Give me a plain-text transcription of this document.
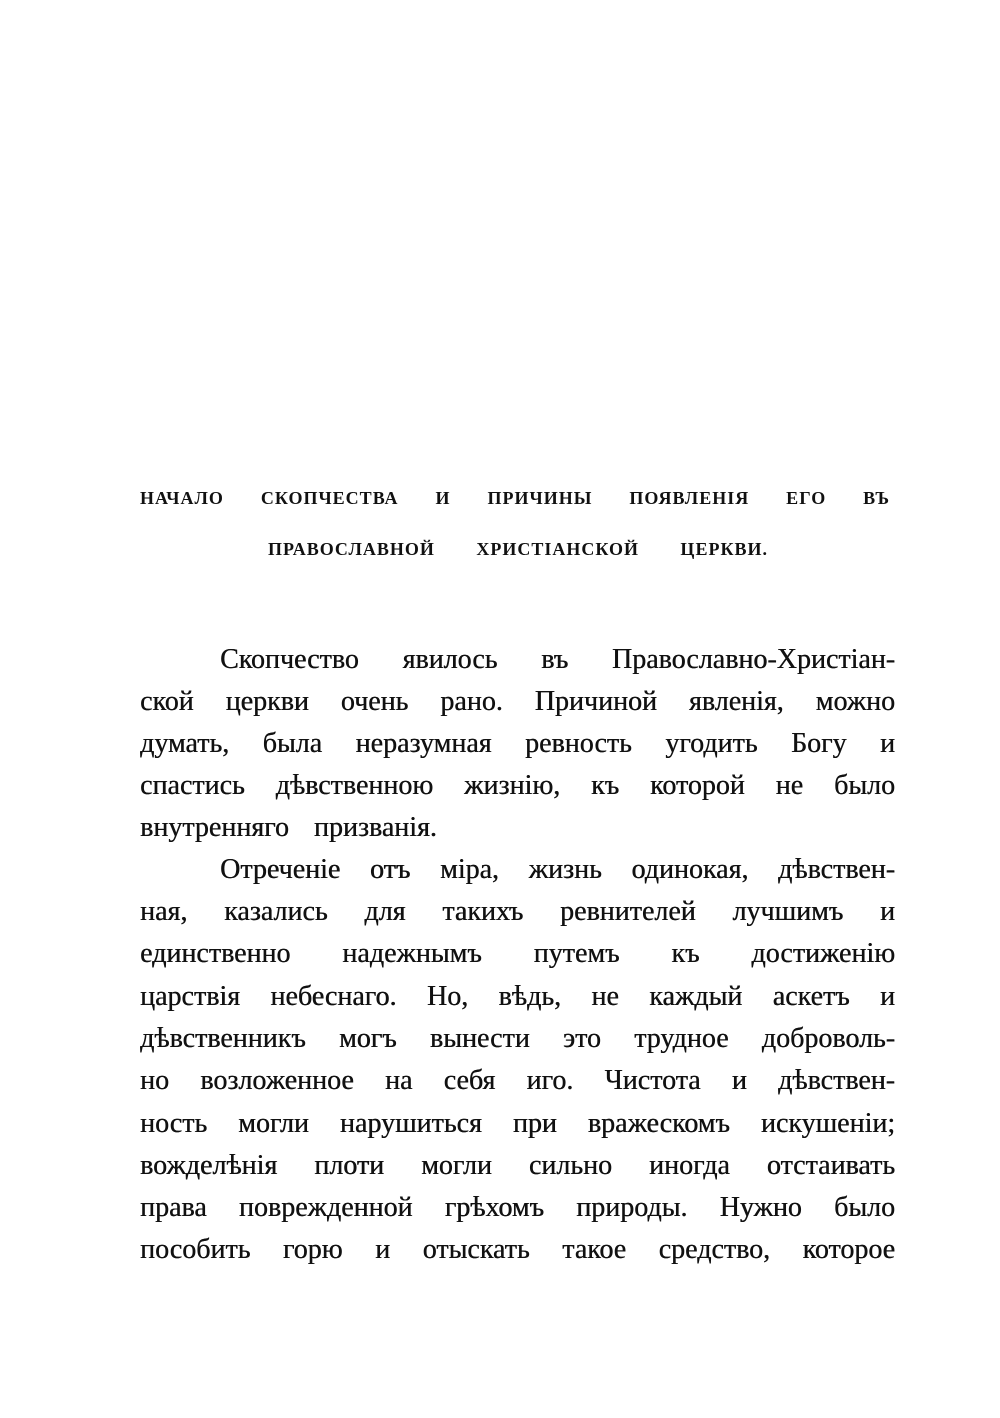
НАЧАЛО СКОПЧЕСТВА И ПРИЧИНЫ ПОЯВЛЕНІЯ ЕГО ВЪ
ПРАВОСЛАВНОЙ ХРИСТІАНСКОЙ ЦЕРКВИ.
Скопчество явилось въ Православно-Христіан-
ской церкви очень рано. Причиной явленія, можно
думать, была неразумная ревность угодить Богу и
спастись дѣвственною жизнію, къ которой не было
внутренняго призванія.
Отреченіе отъ міра, жизнь одинокая, дѣвствен-
ная, казались для такихъ ревнителей лучшимъ и
единственно надежнымъ путемъ къ достиженію
царствія небеснаго. Но, вѣдь, не каждый аскетъ и
дѣвственникъ могъ вынести это трудное доброволь-
но возложенное на себя иго. Чистота и дѣвствен-
ность могли нарушиться при вражескомъ искушеніи;
вожделѣнія плоти могли сильно иногда отстаивать
права поврежденной грѣхомъ природы. Нужно было
пособить горю и отыскать такое средство, которое
